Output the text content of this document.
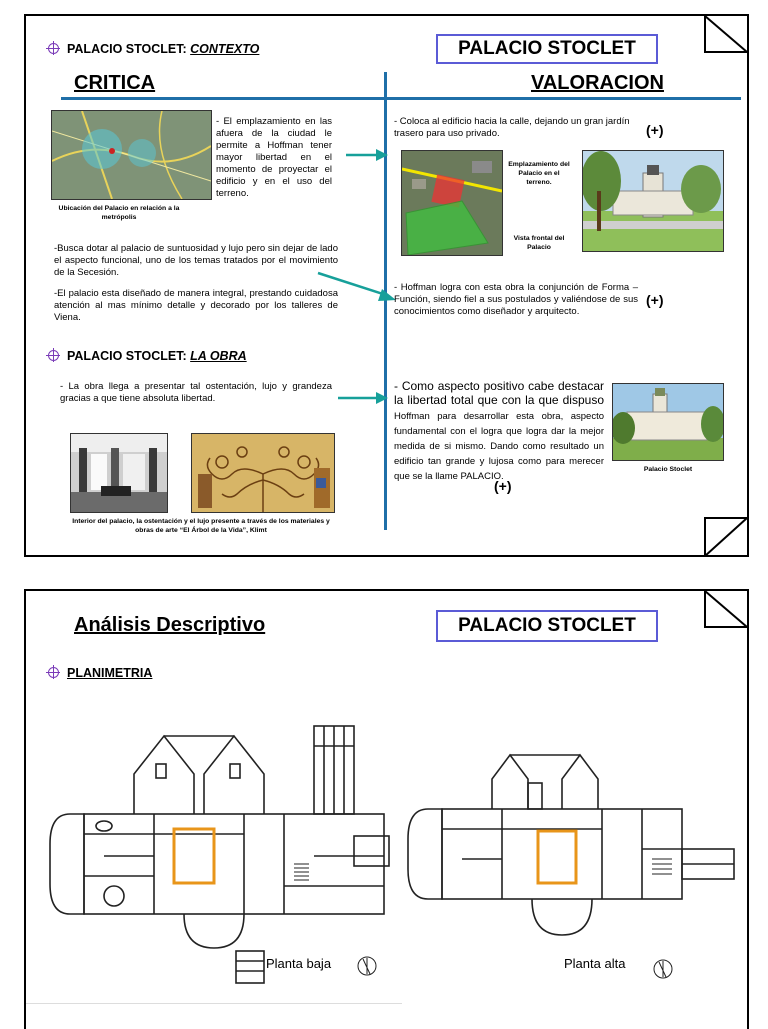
PALACIO STOCLET: CONTEXTO	PALACIO STOCLET
CRITICA	VALORACION
Ubicación del Palacio en relación a la metrópolis
- El emplazamiento en las afuera de la ciudad le permite a Hoffman tener mayor libertad en el momento de proyectar el edificio y en el uso del terreno.
-Busca dotar al palacio de suntuosidad y lujo pero sin dejar de lado el aspecto funcional, uno de los temas tratados por el movimiento de la Secesión.
-El palacio esta diseñado de manera integral, prestando cuidadosa atención al mas mínimo detalle y decorado por los talleres de Viena.
PALACIO STOCLET: LA OBRA
- La obra llega a presentar tal ostentación, lujo y grandeza gracias a que tiene absoluta libertad.
Interior del palacio, la ostentación y el lujo presente a través de los materiales y obras de arte “El Árbol de la Vida”, Klimt
- Coloca al edificio hacia la calle, dejando un gran jardín trasero para uso privado.	(+)
Emplazamiento del Palacio en el terreno.
Vista frontal del Palacio
- Hoffman logra con esta obra la conjunción de Forma – Función, siendo fiel a sus postulados y valiéndose de sus conocimientos como diseñador y arquitecto.
(+)
- Como aspecto positivo cabe destacar la libertad total que con la que dispuso Hoffman para desarrollar esta obra, aspecto fundamental con el logra que logra dar la mejor medida de si mismo. Dando como resultado un edificio tan grande y lujosa como para merecer que se la llame PALACIO.
(+)
Palacio Stoclet
Análisis Descriptivo	PALACIO STOCLET
PLANIMETRIA
Planta baja	Planta alta
